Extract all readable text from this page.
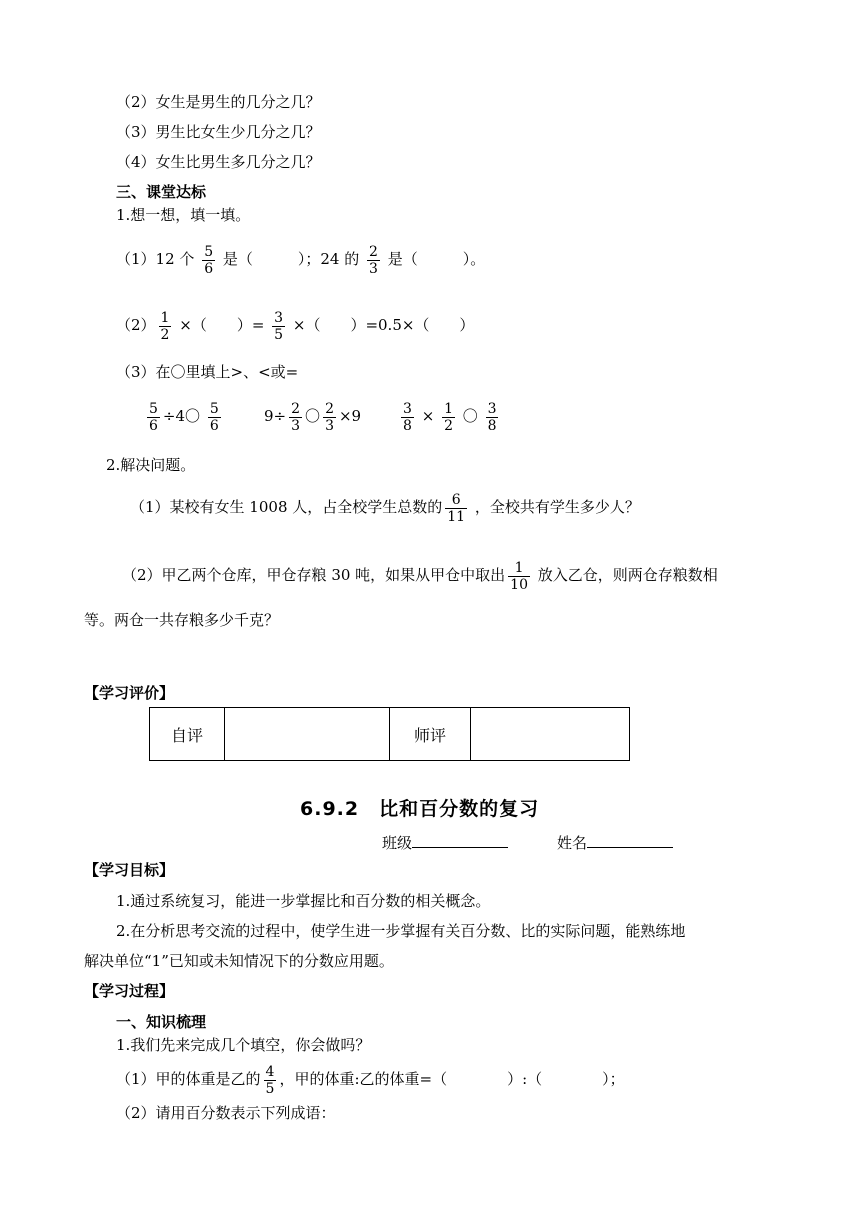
（2）女生是男生的几分之几？
（3）男生比女生少几分之几？
（4）女生比男生多几分之几？
三、课堂达标
1.想一想，填一填。
（1）12 个 $\frac{5}{6}$ 是（　　　）；24 的 $\frac{2}{3}$ 是（　　　）。
$(2) \frac{1}{2}$ ×（　　）= $\frac{3}{5}$ ×（　　）=0.5×（　　）
（3）在〇里填上>、<或=
$\frac{5}{6} \div 4$〇 $\frac{5}{6}$	$9\div \frac{2}{3}$ 〇 $\frac{2}{3} \times 9$	$\frac{3}{8} \times \frac{1}{2}$ 〇 $\frac{3}{8}$
2.解决问题。
（1）某校有女生 1008 人，占全校学生总数的 $\frac{6}{11}$ ，全校共有学生多少人？
（2）甲乙两个仓库，甲仓存粮 30 吨，如果从甲仓中取出 $\frac{1}{10}$ 放入乙仓，则两仓存粮数相
等。两仓一共存粮多少千克？
【学习评价】
自评		师评	
6.9.2　比和百分数的复习
班级	姓名
【学习目标】
1.通过系统复习，能进一步掌握比和百分数的相关概念。
2.在分析思考交流的过程中，使学生进一步掌握有关百分数、比的实际问题，能熟练地
解决单位“1”已知或未知情况下的分数应用题。
【学习过程】
一、知识梳理
1.我们先来完成几个填空，你会做吗？
（1）甲的体重是乙的 $\frac{4}{5}$ ，甲的体重:乙的体重=（　　　　）:（　　　　）；
（2）请用百分数表示下列成语：
